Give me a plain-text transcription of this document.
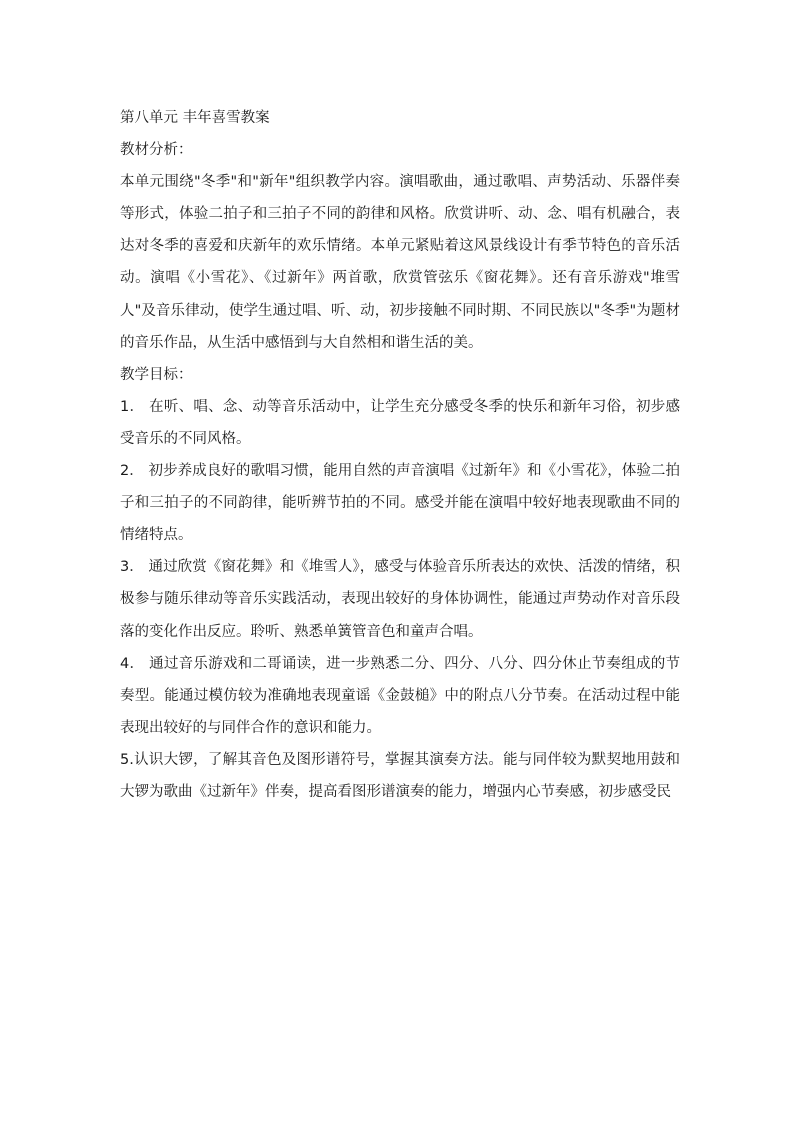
第八单元 丰年喜雪教案

教材分析：

本单元围绕"冬季"和"新年"组织教学内容。演唱歌曲，通过歌唱、声势活动、乐器伴奏等形式，体验二拍子和三拍子不同的韵律和风格。欣赏讲听、动、念、唱有机融合，表达对冬季的喜爱和庆新年的欢乐情绪。本单元紧贴着这风景线设计有季节特色的音乐活动。演唱《小雪花》、《过新年》两首歌，欣赏管弦乐《窗花舞》。还有音乐游戏"堆雪人"及音乐律动，使学生通过唱、听、动，初步接触不同时期、不同民族以"冬季"为题材的音乐作品，从生活中感悟到与大自然相和谐生活的美。

教学目标：

1． 在听、唱、念、动等音乐活动中，让学生充分感受冬季的快乐和新年习俗，初步感受音乐的不同风格。

2． 初步养成良好的歌唱习惯，能用自然的声音演唱《过新年》和《小雪花》，体验二拍子和三拍子的不同韵律，能听辨节拍的不同。感受并能在演唱中较好地表现歌曲不同的情绪特点。

3． 通过欣赏《窗花舞》和《堆雪人》，感受与体验音乐所表达的欢快、活泼的情绪，积极参与随乐律动等音乐实践活动，表现出较好的身体协调性，能通过声势动作对音乐段落的变化作出反应。聆听、熟悉单簧管音色和童声合唱。

4． 通过音乐游戏和二哥诵读，进一步熟悉二分、四分、八分、四分休止节奏组成的节奏型。能通过模仿较为准确地表现童谣《金鼓槌》中的附点八分节奏。在活动过程中能表现出较好的与同伴合作的意识和能力。

5.认识大锣，了解其音色及图形谱符号，掌握其演奏方法。能与同伴较为默契地用鼓和大锣为歌曲《过新年》伴奏，提高看图形谱演奏的能力，增强内心节奏感，初步感受民
